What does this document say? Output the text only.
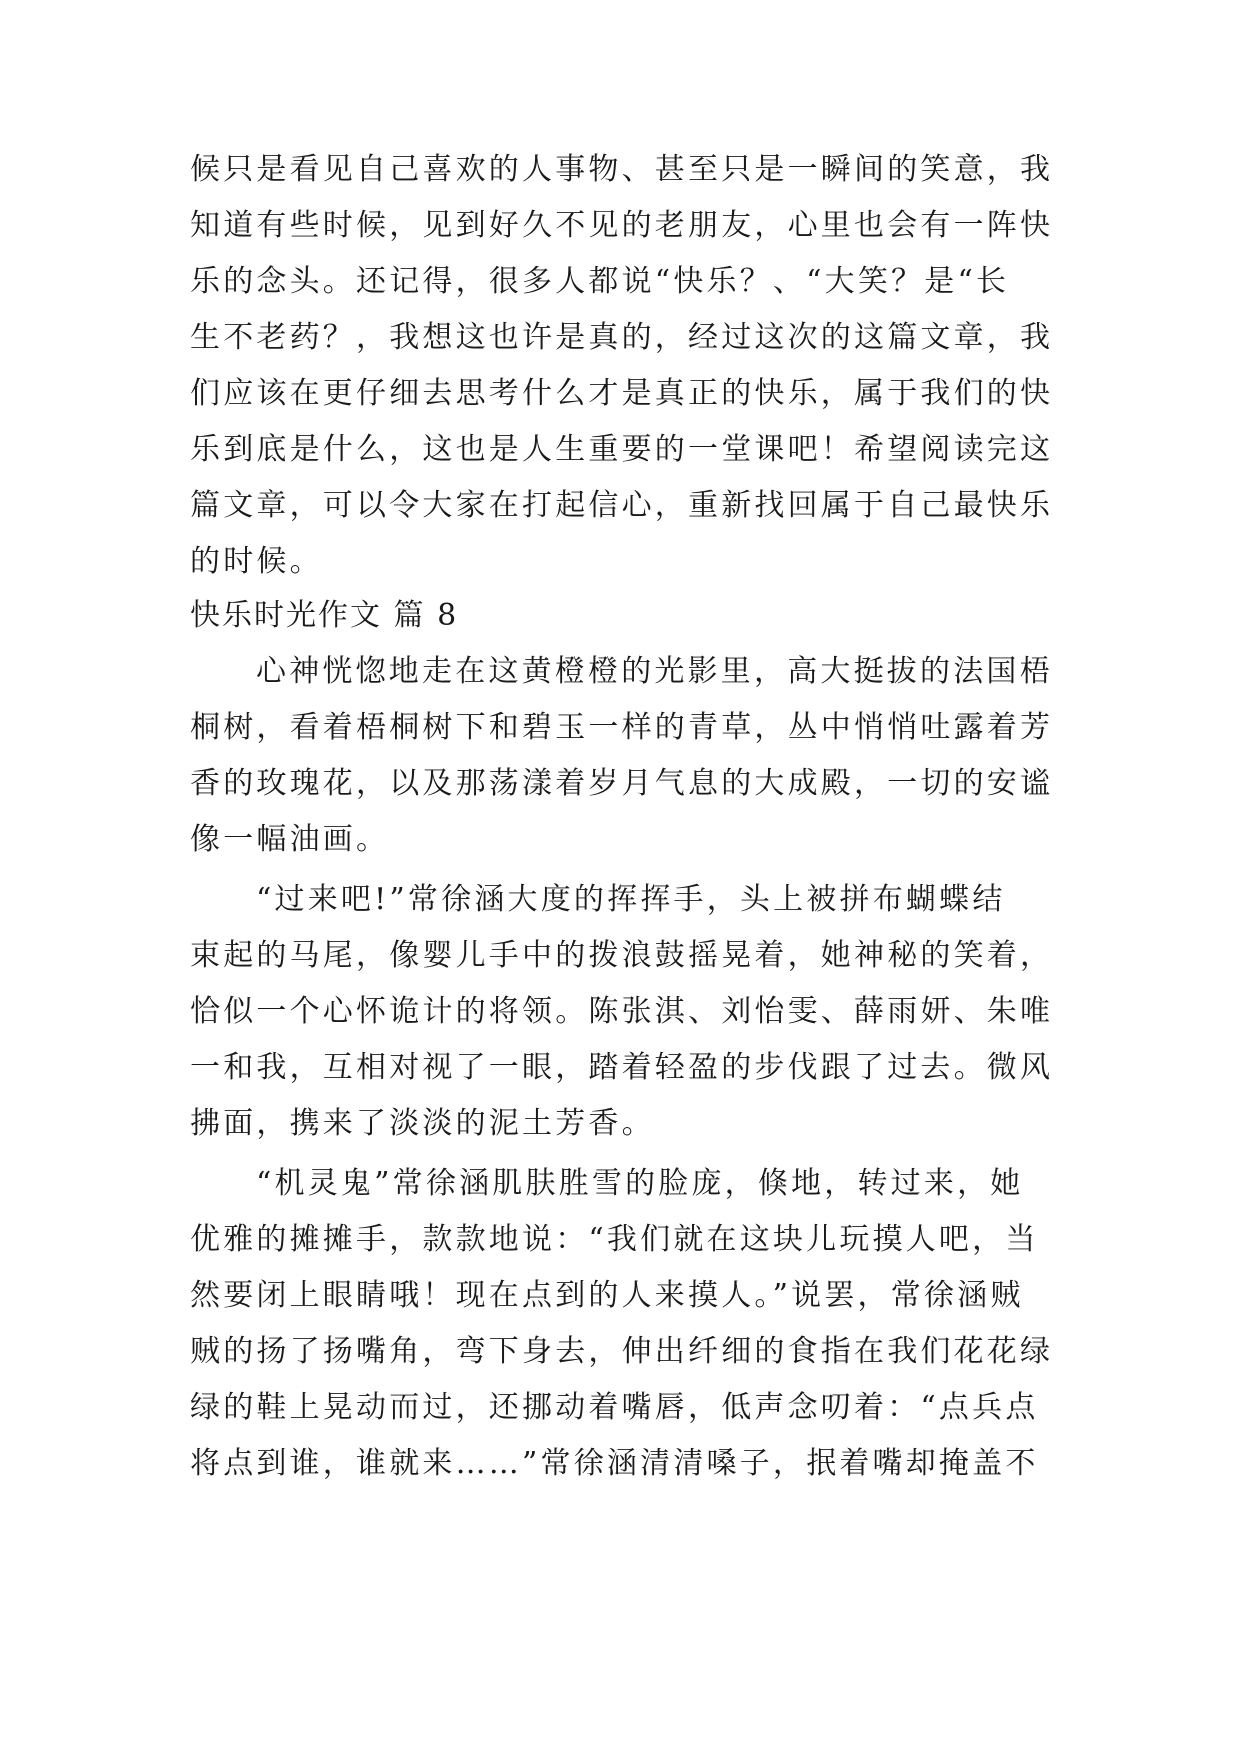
候只是看见自己喜欢的人事物、甚至只是一瞬间的笑意，我
知道有些时候，见到好久不见的老朋友，心里也会有一阵快
乐的念头。还记得，很多人都说“快乐？、“大笑？是“长
生不老药？，我想这也许是真的，经过这次的这篇文章，我
们应该在更仔细去思考什么才是真正的快乐，属于我们的快
乐到底是什么，这也是人生重要的一堂课吧！希望阅读完这
篇文章，可以令大家在打起信心，重新找回属于自己最快乐
的时候。
快乐时光作文 篇 8
心神恍惚地走在这黄橙橙的光影里，高大挺拔的法国梧
桐树，看着梧桐树下和碧玉一样的青草，丛中悄悄吐露着芳
香的玫瑰花，以及那荡漾着岁月气息的大成殿，一切的安谧
像一幅油画。
“过来吧!”常徐涵大度的挥挥手，头上被拼布蝴蝶结
束起的马尾，像婴儿手中的拨浪鼓摇晃着，她神秘的笑着，
恰似一个心怀诡计的将领。陈张淇、刘怡雯、薛雨妍、朱唯
一和我，互相对视了一眼，踏着轻盈的步伐跟了过去。微风
拂面，携来了淡淡的泥土芳香。
“机灵鬼”常徐涵肌肤胜雪的脸庞，倏地，转过来，她
优雅的摊摊手，款款地说：“我们就在这块儿玩摸人吧，当
然要闭上眼睛哦！现在点到的人来摸人。”说罢，常徐涵贼
贼的扬了扬嘴角，弯下身去，伸出纤细的食指在我们花花绿
绿的鞋上晃动而过，还挪动着嘴唇，低声念叨着：“点兵点
将点到谁，谁就来……”常徐涵清清嗓子，抿着嘴却掩盖不
